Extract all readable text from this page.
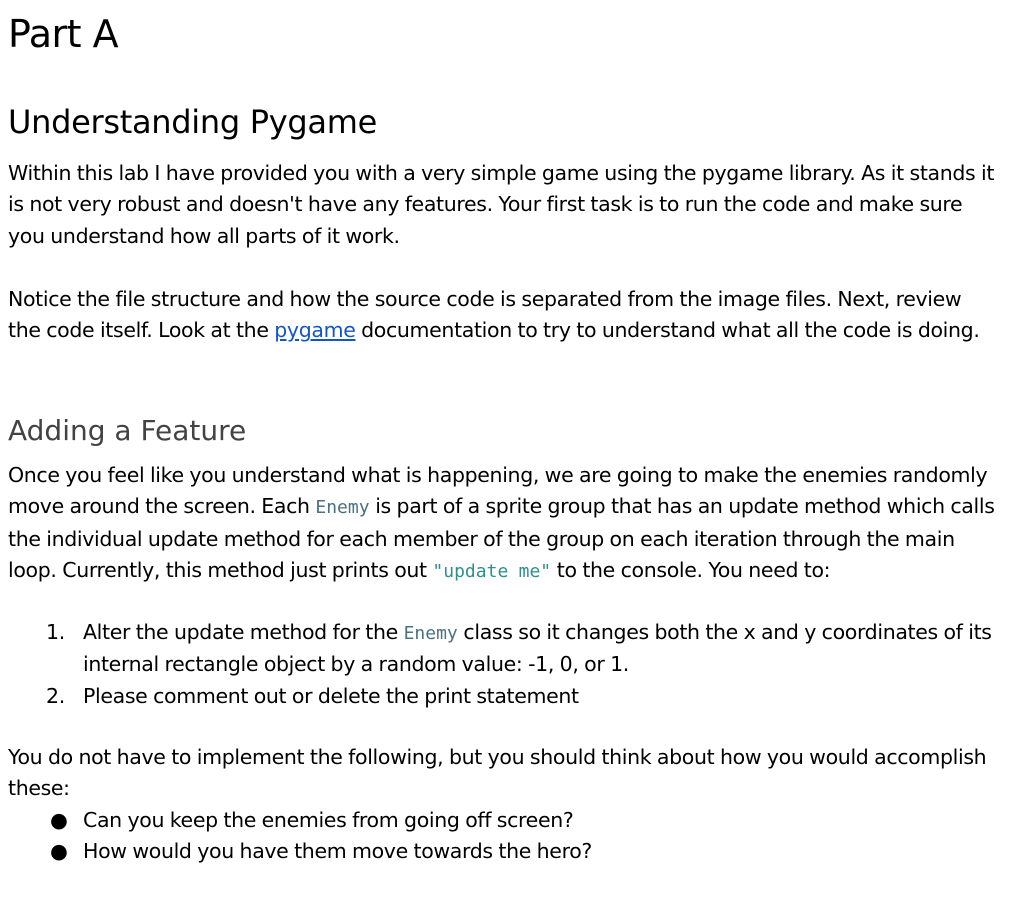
Part A
Understanding Pygame

Within this lab I have provided you with a very simple game using the pygame library. As it stands it is not very robust and doesn't have any features. Your first task is to run the code and make sure you understand how all parts of it work.

Notice the file structure and how the source code is separated from the image files. Next, review the code itself. Look at the pygame documentation to try to understand what all the code is doing.

Adding a Feature

Once you feel like you understand what is happening, we are going to make the enemies randomly move around the screen. Each Enemy is part of a sprite group that has an update method which calls the individual update method for each member of the group on each iteration through the main loop. Currently, this method just prints out "update me" to the console. You need to:

1. Alter the update method for the Enemy class so it changes both the x and y coordinates of its internal rectangle object by a random value: -1, 0, or 1.
2. Please comment out or delete the print statement

You do not have to implement the following, but you should think about how you would accomplish these:

● Can you keep the enemies from going off screen?
● How would you have them move towards the hero?
